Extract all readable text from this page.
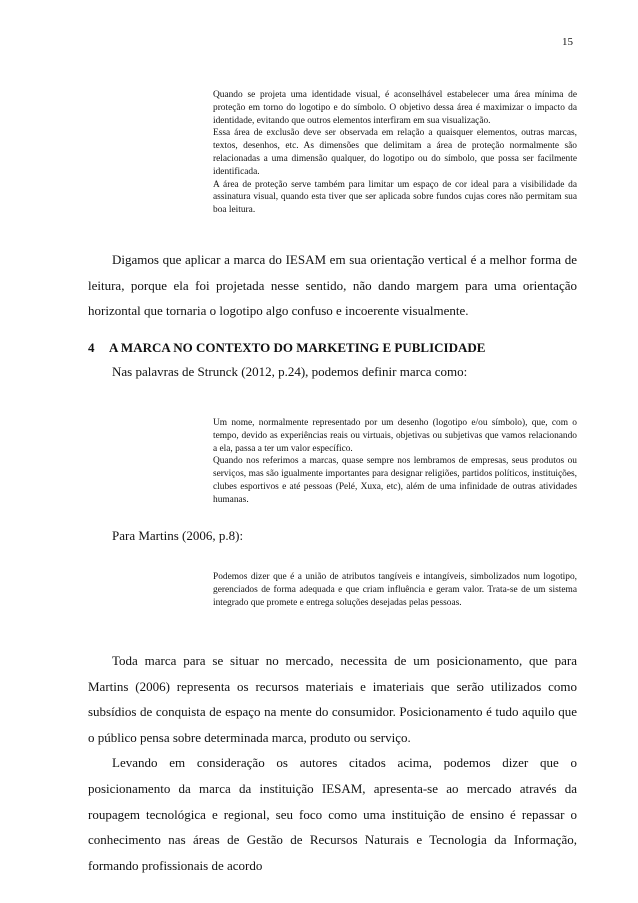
15

Quando se projeta uma identidade visual, é aconselhável estabelecer uma área mínima de proteção em torno do logotipo e do símbolo. O objetivo dessa área é maximizar o impacto da identidade, evitando que outros elementos interfiram em sua visualização.

Essa área de exclusão deve ser observada em relação a quaisquer elementos, outras marcas, textos, desenhos, etc. As dimensões que delimitam a área de proteção normalmente são relacionadas a uma dimensão qualquer, do logotipo ou do símbolo, que possa ser facilmente identificada.

A área de proteção serve também para limitar um espaço de cor ideal para a visibilidade da assinatura visual, quando esta tiver que ser aplicada sobre fundos cujas cores não permitam sua boa leitura.

Digamos que aplicar a marca do IESAM em sua orientação vertical é a melhor forma de leitura, porque ela foi projetada nesse sentido, não dando margem para uma orientação horizontal que tornaria o logotipo algo confuso e incoerente visualmente.

4 A MARCA NO CONTEXTO DO MARKETING E PUBLICIDADE
Nas palavras de Strunck (2012, p.24), podemos definir marca como:

Um nome, normalmente representado por um desenho (logotipo e/ou símbolo), que, com o tempo, devido as experiências reais ou virtuais, objetivas ou subjetivas que vamos relacionando a ela, passa a ter um valor específico.

Quando nos referimos a marcas, quase sempre nos lembramos de empresas, seus produtos ou serviços, mas são igualmente importantes para designar religiões, partidos políticos, instituições, clubes esportivos e até pessoas (Pelé, Xuxa, etc), além de uma infinidade de outras atividades humanas.

Para Martins (2006, p.8):

Podemos dizer que é a união de atributos tangíveis e intangíveis, simbolizados num logotipo, gerenciados de forma adequada e que criam influência e geram valor. Trata-se de um sistema integrado que promete e entrega soluções desejadas pelas pessoas.

Toda marca para se situar no mercado, necessita de um posicionamento, que para Martins (2006) representa os recursos materiais e imateriais que serão utilizados como subsídios de conquista de espaço na mente do consumidor. Posicionamento é tudo aquilo que o público pensa sobre determinada marca, produto ou serviço.

Levando em consideração os autores citados acima, podemos dizer que o posicionamento da marca da instituição IESAM, apresenta-se ao mercado através da roupagem tecnológica e regional, seu foco como uma instituição de ensino é repassar o conhecimento nas áreas de Gestão de Recursos Naturais e Tecnologia da Informação, formando profissionais de acordo
